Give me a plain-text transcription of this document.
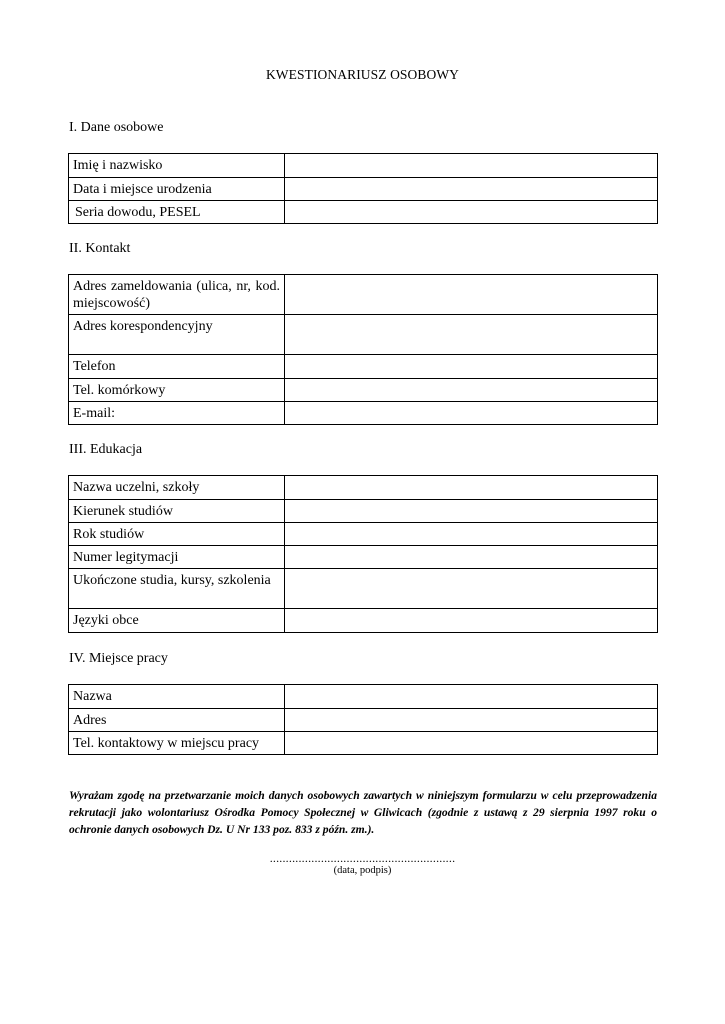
KWESTIONARIUSZ OSOBOWY
I. Dane osobowe
Imię i nazwisko	
Data i miejsce urodzenia	
Seria dowodu, PESEL	
II. Kontakt
Adres zameldowania (ulica, nr, kod. miejscowość)	
Adres korespondencyjny	
Telefon	
Tel. komórkowy	
E-mail:	
III. Edukacja
Nazwa uczelni, szkoły	
Kierunek studiów	
Rok studiów	
Numer legitymacji	
Ukończone studia, kursy, szkolenia	
Języki obce	
IV. Miejsce pracy
Nazwa	
Adres	
Tel. kontaktowy w miejscu pracy	
Wyrażam zgodę na przetwarzanie moich danych osobowych zawartych w niniejszym formularzu w celu przeprowadzenia rekrutacji jako wolontariusz Ośrodka Pomocy Społecznej w Gliwicach (zgodnie z ustawą z 29 sierpnia 1997 roku o ochronie danych osobowych Dz. U Nr 133 poz. 833 z późn. zm.).
..........................................................
(data, podpis)
